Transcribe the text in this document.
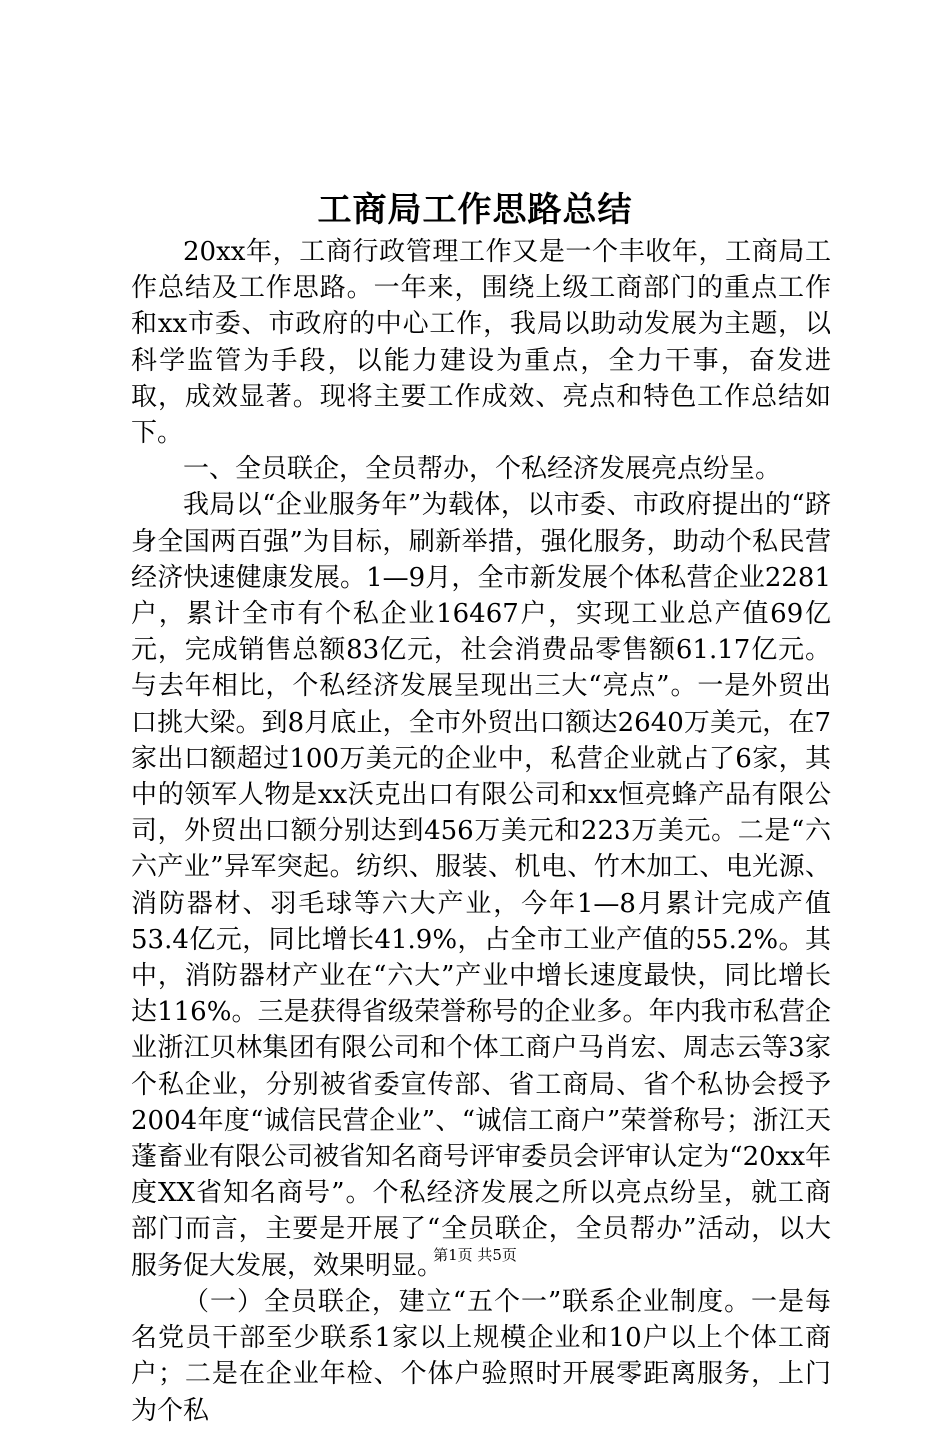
工商局工作思路总结

20xx年，工商行政管理工作又是一个丰收年，工商局工作总结及工作思路。一年来，围绕上级工商部门的重点工作和xx市委、市政府的中心工作，我局以助动发展为主题，以科学监管为手段，以能力建设为重点，全力干事，奋发进取，成效显著。现将主要工作成效、亮点和特色工作总结如下。

一、全员联企，全员帮办，个私经济发展亮点纷呈。

我局以“企业服务年”为载体，以市委、市政府提出的“跻身全国两百强”为目标，刷新举措，强化服务，助动个私民营经济快速健康发展。1—9月，全市新发展个体私营企业2281户，累计全市有个私企业16467户，实现工业总产值69亿元，完成销售总额83亿元，社会消费品零售额61.17亿元。与去年相比，个私经济发展呈现出三大“亮点”。一是外贸出口挑大梁。到8月底止，全市外贸出口额达2640万美元，在7家出口额超过100万美元的企业中，私营企业就占了6家，其中的领军人物是xx沃克出口有限公司和xx恒亮蜂产品有限公司，外贸出口额分别达到456万美元和223万美元。二是“六六产业”异军突起。纺织、服装、机电、竹木加工、电光源、消防器材、羽毛球等六大产业，今年1—8月累计完成产值53.4亿元，同比增长41.9%，占全市工业产值的55.2%。其中，消防器材产业在“六大”产业中增长速度最快，同比增长达116%。三是获得省级荣誉称号的企业多。年内我市私营企业浙江贝林集团有限公司和个体工商户马肖宏、周志云等3家个私企业，分别被省委宣传部、省工商局、省个私协会授予2004年度“诚信民营企业”、“诚信工商户”荣誉称号；浙江天蓬畜业有限公司被省知名商号评审委员会评审认定为“20xx年度XX省知名商号”。个私经济发展之所以亮点纷呈，就工商部门而言，主要是开展了“全员联企，全员帮办”活动，以大服务促大发展，效果明显。

（一）全员联企，建立“五个一”联系企业制度。一是每名党员干部至少联系1家以上规模企业和10户以上个体工商户；二是在企业年检、个体户验照时开展零距离服务，上门为个私

第1页 共5页
